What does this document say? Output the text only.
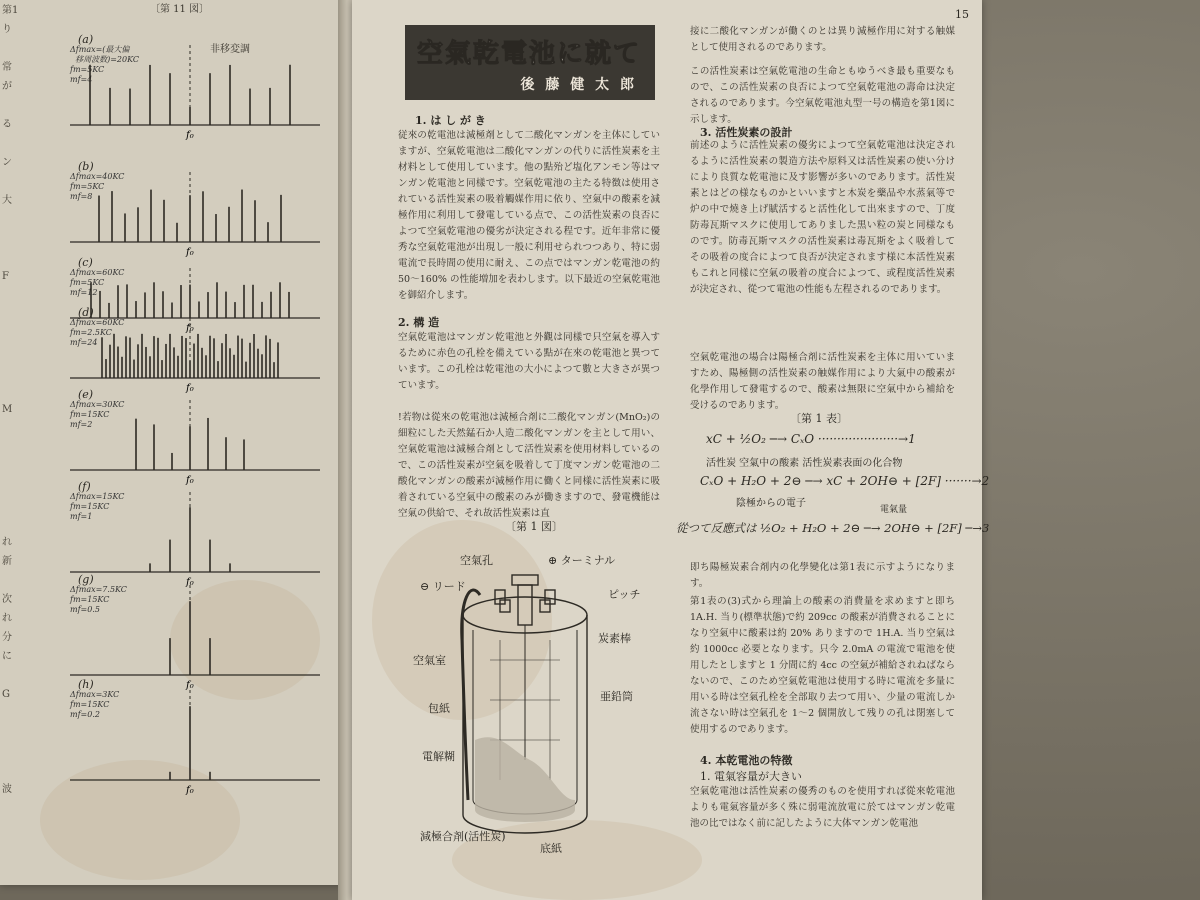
〔第 11 図〕
非移変調
第1
り
常
が
る
ン
大
F
M
れ
新
次
れ
分
に
G
波
(a)
Δfmax=(最大偏
移周波数)=20KC
fm=5KC
mf=4
f₀
(b)
Δfmax=40KC
fm=5KC
mf=8
f₀
(c)
Δfmax=60KC
fm=5KC
mf=12
f₀
(d)
Δfmax=60KC
fm=2.5KC
mf=24
f₀
(e)
Δfmax=30KC
fm=15KC
mf=2
f₀
(f)
Δfmax=15KC
fm=15KC
mf=1
f₀
(g)
Δfmax=7.5KC
fm=15KC
mf=0.5
f₀
(h)
Δfmax=3KC
fm=15KC
mf=0.2
f₀
15
空氣乾電池に就て
後 藤 健 太 郎
1. は し が き
従來の乾電池は減極剤として二酸化マンガンを主体にしていますが、空氣乾電池は二酸化マンガンの代りに活性炭素を主材料として使用しています。他の點殆ど塩化アンモン等はマンガン乾電池と同樣です。空氣乾電池の主たる特徴は使用されている活性炭素の吸着觸媒作用に依り、空氣中の酸素を減極作用に利用して發電している点で、この活性炭素の良否によつて空氣乾電池の優劣が決定される程です。近年非常に優秀な空氣乾電池が出現し一般に利用せられつつあり、特に弱電流で長時間の使用に耐え、この点ではマンガン乾電池の約 50〜160% の性能増加を表わします。以下最近の空氣乾電池を御紹介します。
2. 構 造
空氣乾電池はマンガン乾電池と外觀は同樣で只空氣を導入するために赤色の孔栓を備えている點が在來の乾電池と異つています。この孔栓は乾電池の大小によつて數と大きさが異つています。
!若物は從來の乾電池は減極合剤に二酸化マンガン(MnO₂)の細粒にした天然錳石か人造二酸化マンガンを主として用い、空氣乾電池は減極合剤として活性炭素を使用材料しているので、この活性炭素が空氣を吸着して丁度マンガン乾電池の二酸化マンガンの酸素が減極作用に働くと同樣に活性炭素に吸着されている空氣中の酸素のみが働きますので、發電機能は空氣の供給で、それ故活性炭素は直
〔第 1 図〕
空氣孔	⊕ ターミナル
⊖ リード
ピッチ
空氣室
炭素棒
包紙
亜鉛筒
電解糊
減極合剤(活性炭)
底紙
接に二酸化マンガンが働くのとは異り減極作用に対する触媒として使用されるのであります。
この活性炭素は空氣乾電池の生命ともゆうべき最も重要なもので、この活性炭素の良否によつて空氣乾電池の壽命は決定されるのであります。今空氣乾電池丸型一号の構造を第1図に示します。
3. 活性炭素の設計
前述のように活性炭素の優劣によつて空氣乾電池は決定されるように活性炭素の製造方法や原料又は活性炭素の使い分けにより良質な乾電池に及す影響が多いのであります。活性炭素とはどの様なものかといいますと木炭を藥品や水蒸氣等で炉の中で燒き上げ賦活すると活性化して出來ますので、丁度防毒瓦斯マスクに使用してありました黒い粒の炭と同様なものです。防毒瓦斯マスクの活性炭素は毒瓦斯をよく吸着してその吸着の度合によつて良否が決定されます様に本活性炭素もこれと同樣に空氣の吸着の度合によつて、或程度活性炭素が決定され、從つて電池の性能も左程されるのであります。
空氣乾電池の場合は陽極合剤に活性炭素を主体に用いていますため、陽極側の活性炭素の触媒作用により大氣中の酸素が化學作用して發電するので、酸素は無限に空氣中から補給を受けるのであります。
〔第 1 表〕
xC + ½O₂ ─→ CₓO ·····················→1
活性炭 空氣中の酸素 活性炭素表面の化合物
CₓO + H₂O + 2⊖ ─→ xC + 2OH⊖ + [2F] ·······→2
陰極からの電子
電氣量
從つて反應式は ½O₂ + H₂O + 2⊖ ─→ 2OH⊖ + [2F] ─→3
即ち陽極炭素合剤内の化學變化は第1表に示すようになります。
第1表の(3)式から理論上の酸素の消費量を求めますと即ち 1A.H. 当り(標準状態)で約 209cc の酸素が消費されることになり空氣中に酸素は約 20% ありますので 1H.A. 当り空氣は約 1000cc 必要となります。只今 2.0mA の電流で電池を使用したとしますと 1 分間に約 4cc の空氣が補給されねばならないので、このため空氣乾電池は使用する時に電流を多量に用いる時は空氣孔栓を全部取り去つて用い、少量の電流しか流さない時は空氣孔を 1〜2 個開放して残りの孔は閉塞して使用するのであります。
4. 本乾電池の特徴
1. 電氣容量が大きい
空氣乾電池は活性炭素の優秀のものを使用すれば從來乾電池よりも電氣容量が多く殊に弱電流放電に於てはマンガン乾電池の比ではなく前に記したように大体マンガン乾電池
